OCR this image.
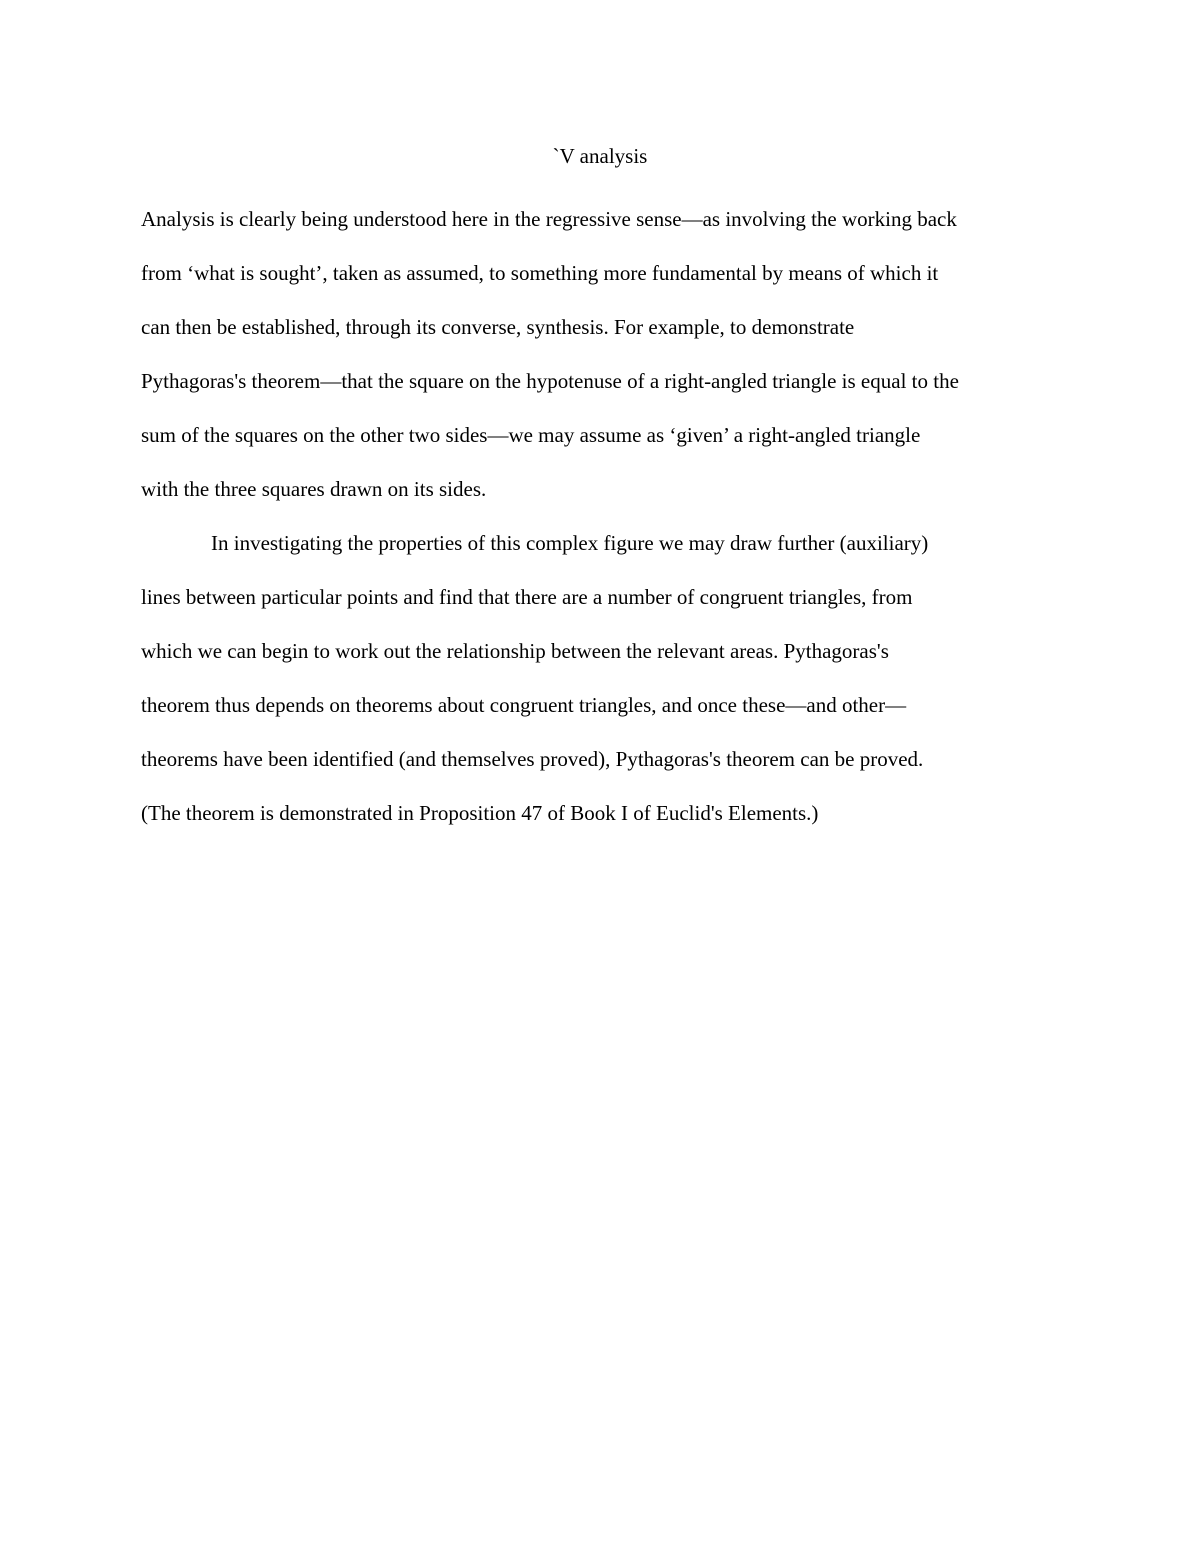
`V analysis
Analysis is clearly being understood here in the regressive sense—as involving the working back
from ‘what is sought’, taken as assumed, to something more fundamental by means of which it
can then be established, through its converse, synthesis. For example, to demonstrate
Pythagoras's theorem—that the square on the hypotenuse of a right-angled triangle is equal to the
sum of the squares on the other two sides—we may assume as ‘given’ a right-angled triangle
with the three squares drawn on its sides.
In investigating the properties of this complex figure we may draw further (auxiliary)
lines between particular points and find that there are a number of congruent triangles, from
which we can begin to work out the relationship between the relevant areas. Pythagoras's
theorem thus depends on theorems about congruent triangles, and once these—and other—
theorems have been identified (and themselves proved), Pythagoras's theorem can be proved.
(The theorem is demonstrated in Proposition 47 of Book I of Euclid's Elements.)
